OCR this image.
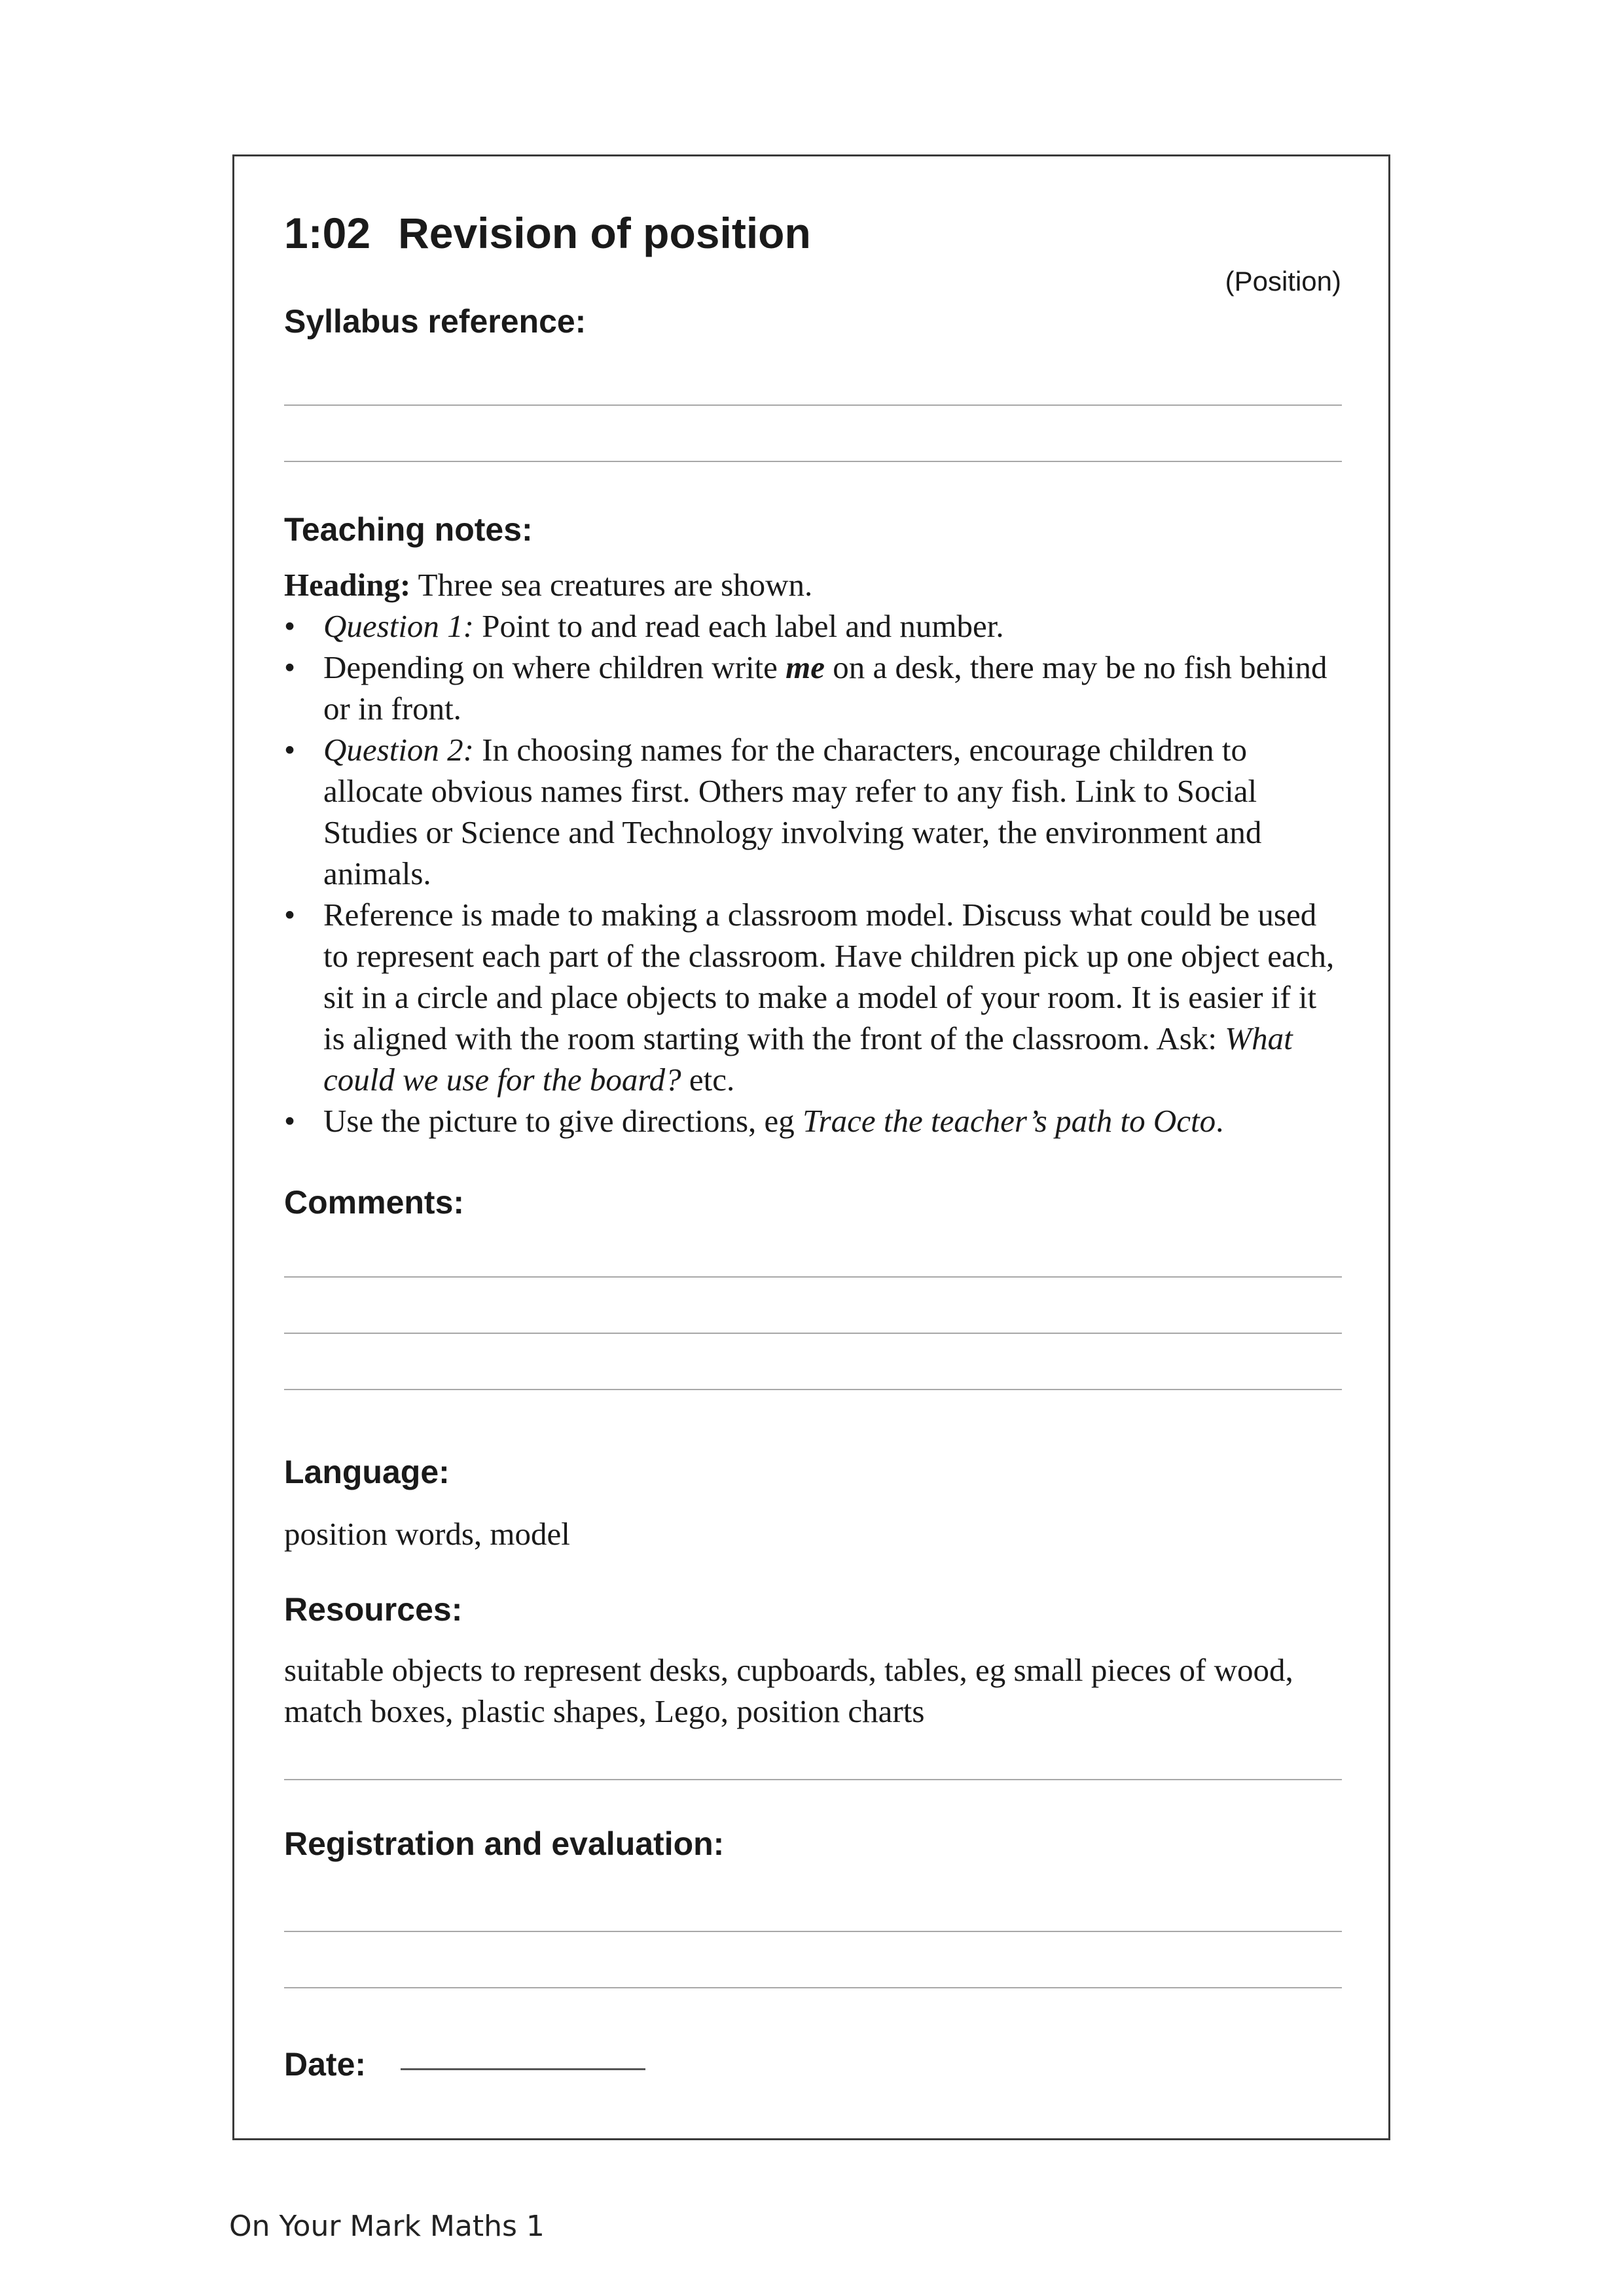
1:02 Revision of position
(Position)
Syllabus reference:
Teaching notes:

Heading: Three sea creatures are shown.

• Question 1: Point to and read each label and number.
• Depending on where children write me on a desk, there may be no fish behind or in front.
• Question 2: In choosing names for the characters, encourage children to allocate obvious names first. Others may refer to any fish. Link to Social Studies or Science and Technology involving water, the environment and animals.
• Reference is made to making a classroom model. Discuss what could be used to represent each part of the classroom. Have children pick up one object each, sit in a circle and place objects to make a model of your room. It is easier if it is aligned with the room starting with the front of the classroom. Ask: What could we use for the board? etc.
• Use the picture to give directions, eg Trace the teacher’s path to Octo.
Comments:
Language:

position words, model

Resources:

suitable objects to represent desks, cupboards, tables, eg small pieces of wood, match boxes, plastic shapes, Lego, position charts

Registration and evaluation:
Date:
On Your Mark Maths 1
